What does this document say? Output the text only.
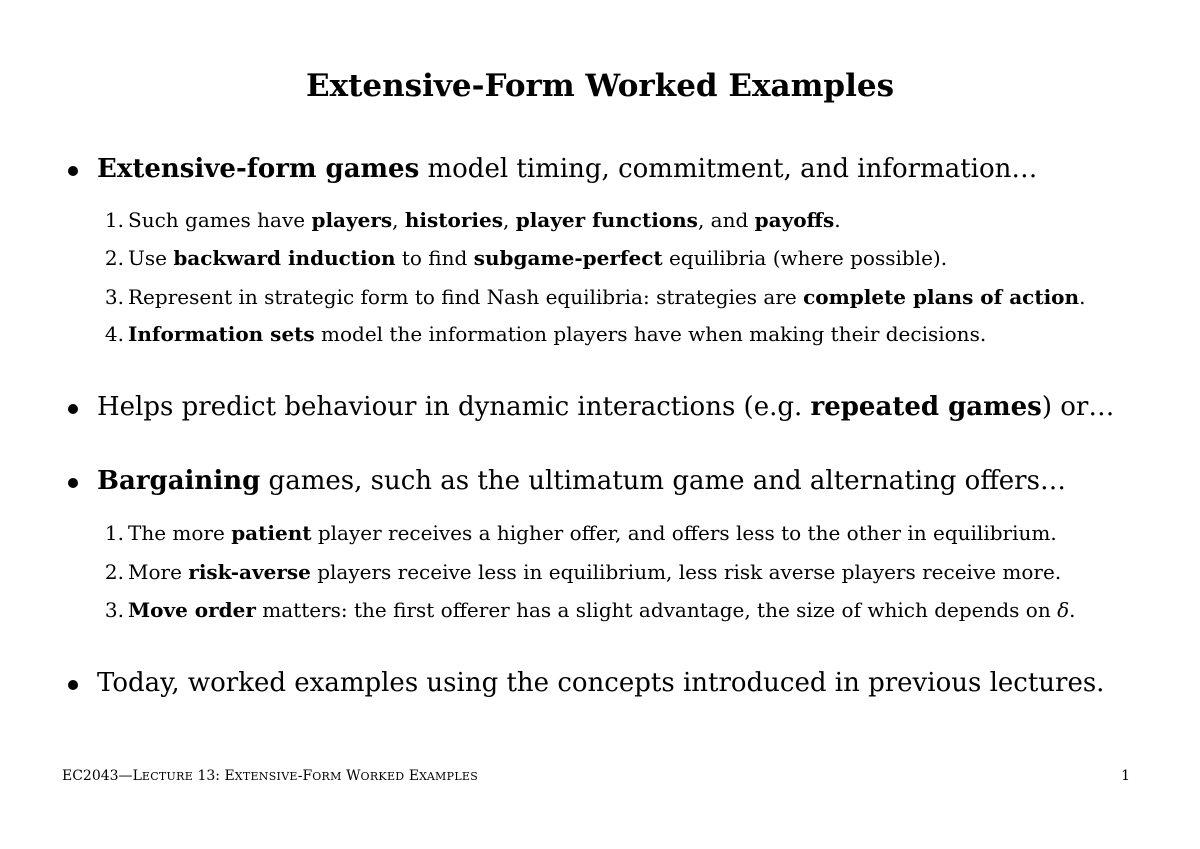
Extensive-Form Worked Examples
Extensive-form games model timing, commitment, and information…
1. Such games have players, histories, player functions, and payoffs.
2. Use backward induction to find subgame-perfect equilibria (where possible).
3. Represent in strategic form to find Nash equilibria: strategies are complete plans of action.
4. Information sets model the information players have when making their decisions.
Helps predict behaviour in dynamic interactions (e.g. repeated games) or…
Bargaining games, such as the ultimatum game and alternating offers…
1. The more patient player receives a higher offer, and offers less to the other in equilibrium.
2. More risk-averse players receive less in equilibrium, less risk averse players receive more.
3. Move order matters: the first offerer has a slight advantage, the size of which depends on δ.
Today, worked examples using the concepts introduced in previous lectures.
EC2043—LECTURE 13: EXTENSIVE-FORM WORKED EXAMPLES	1
